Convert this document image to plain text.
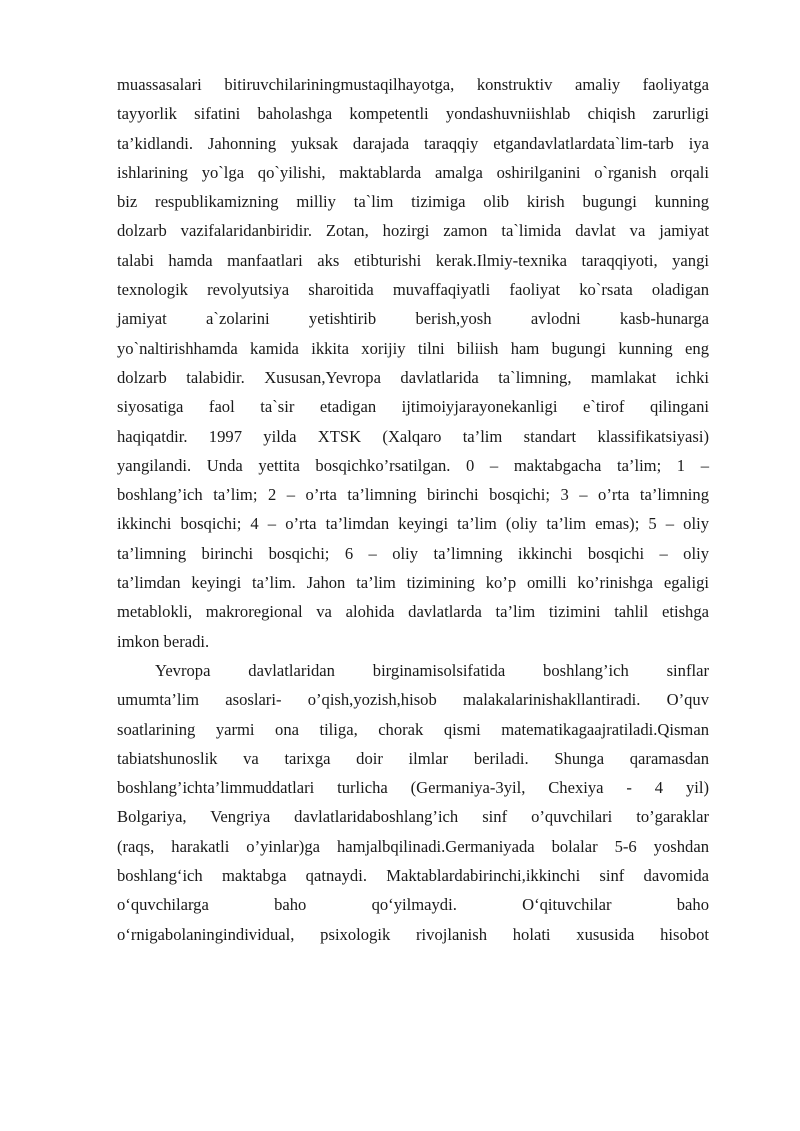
muassasalari bitiruvchilariningmustaqilhayotga, konstruktiv amaliy faoliyatga
tayyorlik sifatini baholashga kompetentli yondashuvniishlab chiqish zarurligi
ta’kidlandi. Jahonning yuksak darajada taraqqiy etgandavlatlardata`lim-tarb iya
ishlarining yo`lga qo`yilishi, maktablarda amalga oshirilganini o`rganish orqali
biz respublikamizning milliy ta`lim tizimiga olib kirish bugungi kunning
dolzarb vazifalaridanbiridir. Zotan, hozirgi zamon ta`limida davlat va jamiyat
talabi hamda manfaatlari aks etibturishi kerak.Ilmiy-texnika taraqqiyoti, yangi
texnologik revolyutsiya sharoitida muvaffaqiyatli faoliyat ko`rsata oladigan
jamiyat a`zolarini yetishtirib berish,yosh avlodni kasb-hunarga
yo`naltirishhamda kamida ikkita xorijiy tilni biliish ham bugungi kunning eng
dolzarb talabidir. Xususan,Yevropa davlatlarida ta`limning, mamlakat ichki
siyosatiga faol ta`sir etadigan ijtimoiyjarayonekanligi e`tirof qilingani
haqiqatdir. 1997 yilda XTSK (Xalqaro ta’lim standart klassifikatsiyasi)
yangilandi. Unda yettita bosqichko’rsatilgan. 0 – maktabgacha ta’lim; 1 –
boshlang’ich ta’lim; 2 – o’rta ta’limning birinchi bosqichi; 3 – o’rta ta’limning
ikkinchi bosqichi; 4 – o’rta ta’limdan keyingi ta’lim (oliy ta’lim emas); 5 – oliy
ta’limning birinchi bosqichi; 6 – oliy ta’limning ikkinchi bosqichi – oliy
ta’limdan keyingi ta’lim. Jahon ta’lim tizimining ko’p omilli ko’rinishga egaligi
metablokli, makroregional va alohida davlatlarda ta’lim tizimini tahlil etishga
imkon beradi.
Yevropa davlatlaridan birginamisolsifatida boshlang’ich sinflar
umumta’lim asoslari- o’qish,yozish,hisob malakalarinishakllantiradi. O’quv
soatlarining yarmi ona tiliga, chorak qismi matematikagaajratiladi.Qisman
tabiatshunoslik va tarixga doir ilmlar beriladi. Shunga qaramasdan
boshlang’ichta’limmuddatlari turlicha (Germaniya-3yil, Chexiya - 4 yil)
Bolgariya, Vengriya davlatlaridaboshlang’ich sinf o’quvchilari to’garaklar
(raqs, harakatli o’yinlar)ga hamjalbqilinadi.Germaniyada bolalar 5-6 yoshdan
boshlang‘ich maktabga qatnaydi. Maktablardabirinchi,ikkinchi sinf davomida
o‘quvchilarga baho qo‘yilmaydi. O‘qituvchilar baho
o‘rnigabolaningindividual, psixologik rivojlanish holati xususida hisobot
